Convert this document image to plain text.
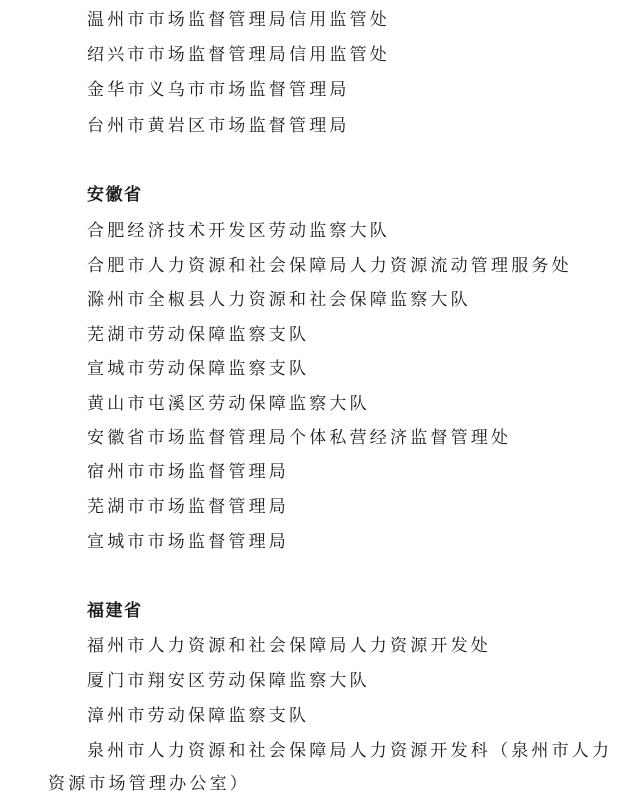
温州市市场监督管理局信用监管处
绍兴市市场监督管理局信用监管处
金华市义乌市市场监督管理局
台州市黄岩区市场监督管理局
安徽省
合肥经济技术开发区劳动监察大队
合肥市人力资源和社会保障局人力资源流动管理服务处
滁州市全椒县人力资源和社会保障监察大队
芜湖市劳动保障监察支队
宣城市劳动保障监察支队
黄山市屯溪区劳动保障监察大队
安徽省市场监督管理局个体私营经济监督管理处
宿州市市场监督管理局
芜湖市市场监督管理局
宣城市市场监督管理局
福建省
福州市人力资源和社会保障局人力资源开发处
厦门市翔安区劳动保障监察大队
漳州市劳动保障监察支队
泉州市人力资源和社会保障局人力资源开发科（泉州市人力
资源市场管理办公室）
